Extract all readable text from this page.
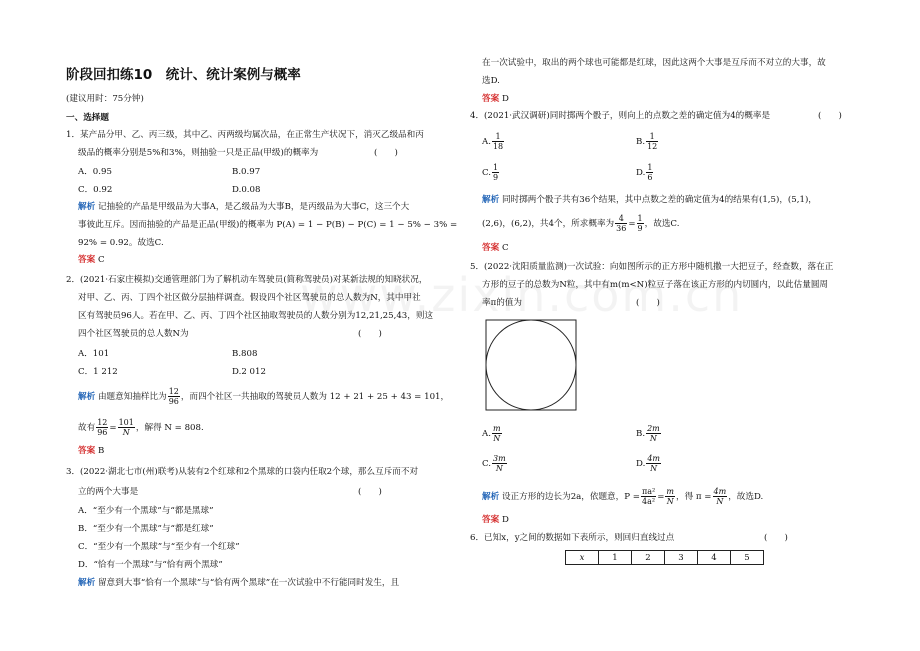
阶段回扣练10　统计、统计案例与概率
(建议用时：75分钟)
一、选择题
1．某产品分甲、乙、丙三级，其中乙、丙两级均属次品，在正常生产状况下，消灭乙级品和丙
级品的概率分别是5%和3%，则抽验一只是正品(甲级)的概率为	(　　)
A．0.95	B.0.97
C．0.92	D.0.08
解析 记抽验的产品是甲级品为大事A，是乙级品为大事B，是丙级品为大事C，这三个大
事彼此互斥。因而抽验的产品是正品(甲级)的概率为 P(A) = 1 − P(B) − P(C) = 1 − 5% − 3% =
92% = 0.92。故选C.
答案 C
2．(2021·石家庄模拟)交通管理部门为了解机动车驾驶员(简称驾驶员)对某新法规的知晓状况，
对甲、乙、丙、丁四个社区做分层抽样调查。假设四个社区驾驶员的总人数为N，其中甲社
区有驾驶员96人。若在甲、乙、丙、丁四个社区抽取驾驶员的人数分别为12,21,25,43，则这
四个社区驾驶员的总人数N为	(　　)
A．101	B.808
C．1 212	D.2 012
解析 由题意知抽样比为 $\frac{12}{96}$ ，而四个社区一共抽取的驾驶员人数为 12 + 21 + 25 + 43 = 101，
故有 $\frac{12}{96} = \frac{101}{N}$ ，解得 N = 808.
答案 B
3．(2022·湖北七市(州)联考)从装有2个红球和2个黑球的口袋内任取2个球，那么互斥而不对
立的两个大事是	(　　)
A．“至少有一个黑球”与“都是黑球”
B．“至少有一个黑球”与“都是红球”
C．“至少有一个黑球”与“至少有一个红球”
D．“恰有一个黑球”与“恰有两个黑球”
解析 留意到大事“恰有一个黑球”与“恰有两个黑球”在一次试验中不行能同时发生，且
在一次试验中，取出的两个球也可能都是红球，因此这两个大事是互斥而不对立的大事，故
选D.
答案 D
4．(2021·武汉调研)同时掷两个骰子，则向上的点数之差的确定值为4的概率是	(　　)
A. $\frac{1}{18}$	B. $\frac{1}{12}$
C. $\frac{1}{9}$	D. $\frac{1}{6}$
解析 同时掷两个骰子共有36个结果，其中点数之差的确定值为4的结果有(1,5)，(5,1)，
(2,6)，(6,2)，共4个，所求概率为 $\frac{4}{36} = \frac{1}{9}$ ，故选C.
答案 C
5．(2022·沈阳质量监测)一次试验：向如图所示的正方形中随机撒一大把豆子，经查数，落在正
方形的豆子的总数为N粒，其中有m(m<N)粒豆子落在该正方形的内切圆内，以此估量圆周
率π的值为	(　　)
A. $\frac{m}{N}$	B. $\frac{2m}{N}$
C. $\frac{3m}{N}$	D. $\frac{4m}{N}$
解析 设正方形的边长为2a，依题意，$P = \frac{\text{πa²}}{\text{4a²}} = \frac{m}{N}$ ，得 $\pi = \frac{4m}{N}$ ，故选D.
答案 D
6．已知x，y之间的数据如下表所示，则回归直线过点	(　　)
x	1	2	3	4	5
